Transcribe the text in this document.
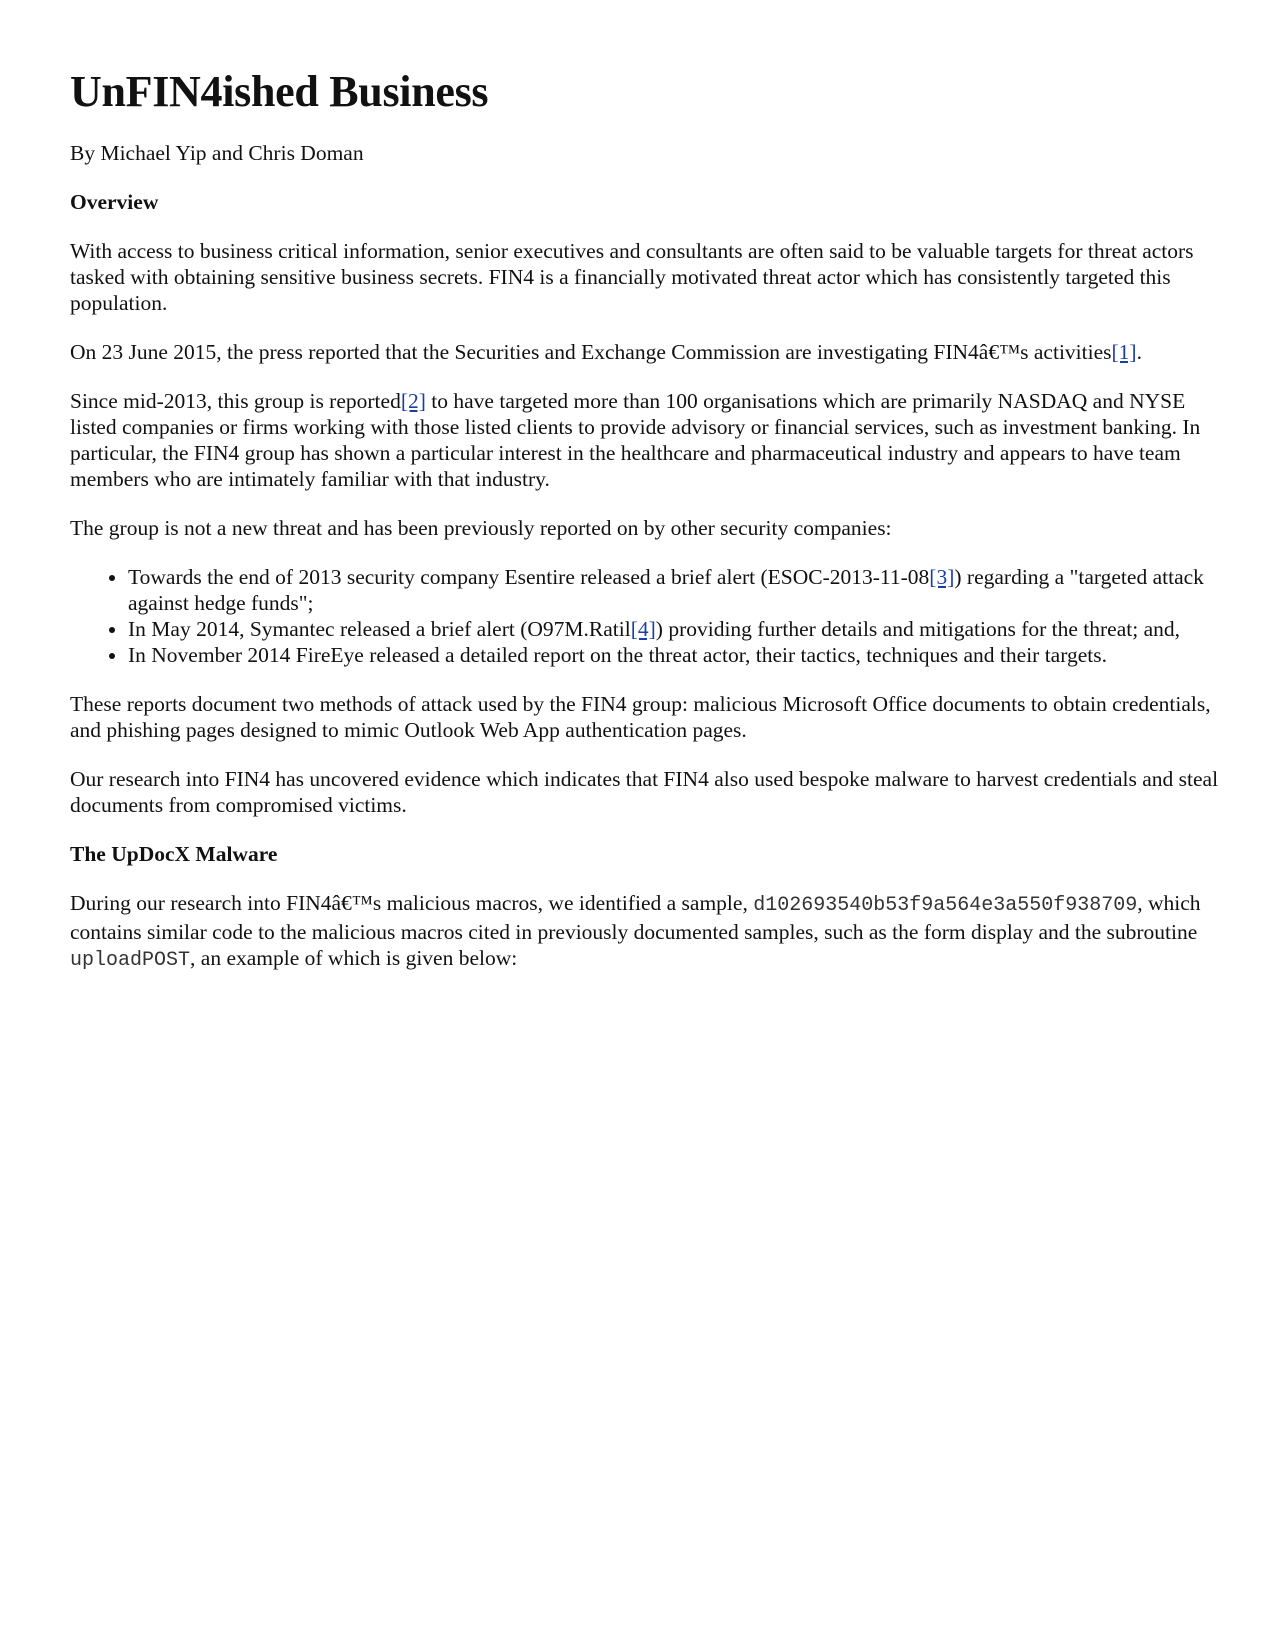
UnFIN4ished Business

By Michael Yip and Chris Doman

Overview

With access to business critical information, senior executives and consultants are often said to be valuable targets for threat actors tasked with obtaining sensitive business secrets. FIN4 is a financially motivated threat actor which has consistently targeted this population.

On 23 June 2015, the press reported that the Securities and Exchange Commission are investigating FIN4â€™s activities[1].

Since mid-2013, this group is reported[2] to have targeted more than 100 organisations which are primarily NASDAQ and NYSE listed companies or firms working with those listed clients to provide advisory or financial services, such as investment banking. In particular, the FIN4 group has shown a particular interest in the healthcare and pharmaceutical industry and appears to have team members who are intimately familiar with that industry.

The group is not a new threat and has been previously reported on by other security companies:

• Towards the end of 2013 security company Esentire released a brief alert (ESOC-2013-11-08[3]) regarding a "targeted attack against hedge funds";
• In May 2014, Symantec released a brief alert (O97M.Ratil[4]) providing further details and mitigations for the threat; and,
• In November 2014 FireEye released a detailed report on the threat actor, their tactics, techniques and their targets.

These reports document two methods of attack used by the FIN4 group: malicious Microsoft Office documents to obtain credentials, and phishing pages designed to mimic Outlook Web App authentication pages.

Our research into FIN4 has uncovered evidence which indicates that FIN4 also used bespoke malware to harvest credentials and steal documents from compromised victims.

The UpDocX Malware

During our research into FIN4â€™s malicious macros, we identified a sample, d102693540b53f9a564e3a550f938709, which contains similar code to the malicious macros cited in previously documented samples, such as the form display and the subroutine uploadPOST, an example of which is given below:
